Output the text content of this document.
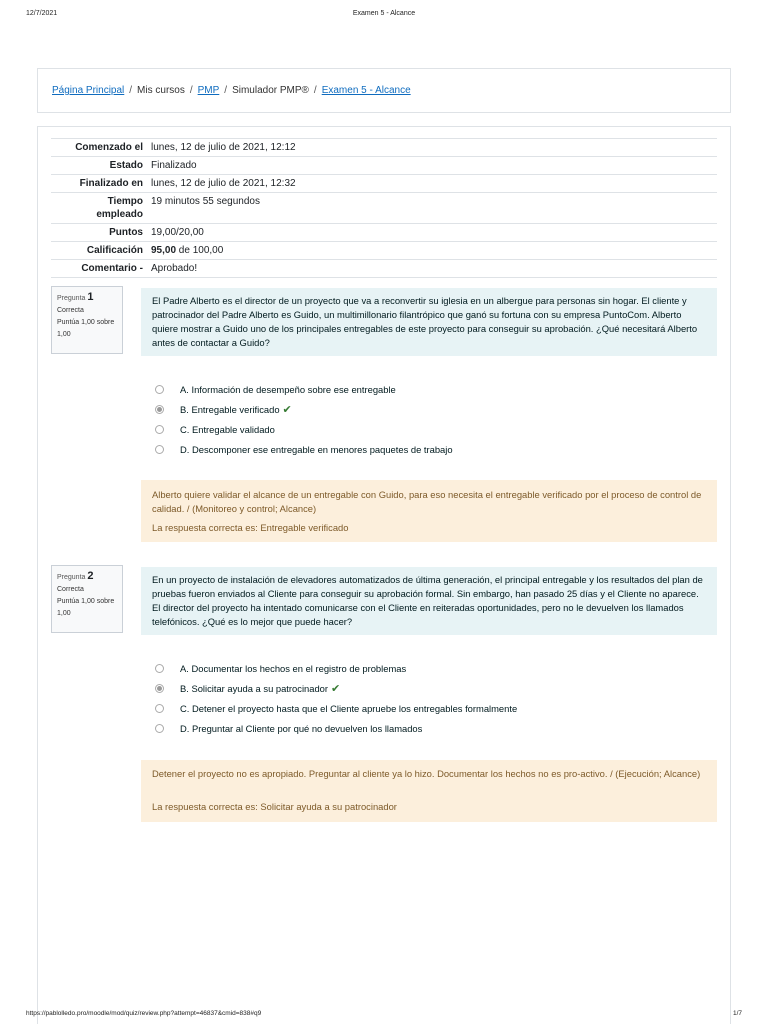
12/7/2021	Examen 5 - Alcance
Página Principal / Mis cursos / PMP / Simulador PMP® / Examen 5 - Alcance
Comenzado el	lunes, 12 de julio de 2021, 12:12
Estado	Finalizado
Finalizado en	lunes, 12 de julio de 2021, 12:32
Tiempo empleado	19 minutos 55 segundos
Puntos	19,00/20,00
Calificación	95,00 de 100,00
Comentario -	Aprobado!
Pregunta 1
Correcta
Puntúa 1,00 sobre 1,00
El Padre Alberto es el director de un proyecto que va a reconvertir su iglesia en un albergue para personas sin hogar. El cliente y patrocinador del Padre Alberto es Guido, un multimillonario filantrópico que ganó su fortuna con su empresa PuntoCom. Alberto quiere mostrar a Guido uno de los principales entregables de este proyecto para conseguir su aprobación. ¿Qué necesitará Alberto antes de contactar a Guido?
A. Información de desempeño sobre ese entregable
B. Entregable verificado ✔
C. Entregable validado
D. Descomponer ese entregable en menores paquetes de trabajo
Alberto quiere validar el alcance de un entregable con Guido, para eso necesita el entregable verificado por el proceso de control de calidad. / (Monitoreo y control; Alcance)
La respuesta correcta es: Entregable verificado
Pregunta 2
Correcta
Puntúa 1,00 sobre 1,00
En un proyecto de instalación de elevadores automatizados de última generación, el principal entregable y los resultados del plan de pruebas fueron enviados al Cliente para conseguir su aprobación formal. Sin embargo, han pasado 25 días y el Cliente no aparece. El director del proyecto ha intentado comunicarse con el Cliente en reiteradas oportunidades, pero no le devuelven los llamados telefónicos. ¿Qué es lo mejor que puede hacer?
A. Documentar los hechos en el registro de problemas
B. Solicitar ayuda a su patrocinador ✔
C. Detener el proyecto hasta que el Cliente apruebe los entregables formalmente
D. Preguntar al Cliente por qué no devuelven los llamados
Detener el proyecto no es apropiado. Preguntar al cliente ya lo hizo. Documentar los hechos no es pro-activo. / (Ejecución; Alcance)
La respuesta correcta es: Solicitar ayuda a su patrocinador
https://pablolledo.pro/moodle/mod/quiz/review.php?attempt=46837&cmid=838#q9	1/7
